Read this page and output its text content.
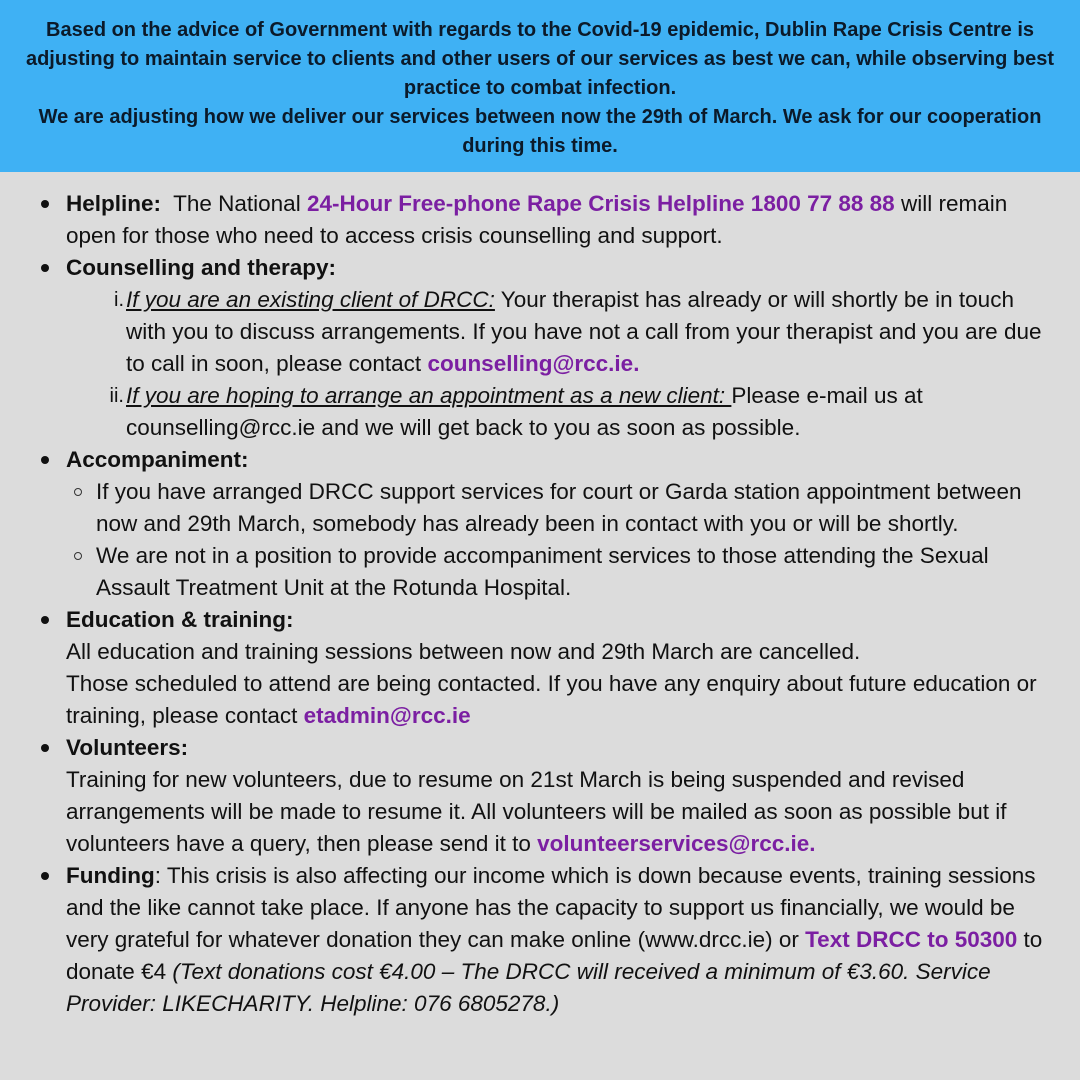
Based on the advice of Government with regards to the Covid-19 epidemic, Dublin Rape Crisis Centre is adjusting to maintain service to clients and other users of our services as best we can, while observing best practice to combat infection.
We are adjusting how we deliver our services between now the 29th of March. We ask for our cooperation during this time.
Helpline: The National 24-Hour Free-phone Rape Crisis Helpline 1800 77 88 88 will remain open for those who need to access crisis counselling and support.
Counselling and therapy:
i. If you are an existing client of DRCC: Your therapist has already or will shortly be in touch with you to discuss arrangements. If you have not a call from your therapist and you are due to call in soon, please contact counselling@rcc.ie.
ii. If you are hoping to arrange an appointment as a new client: Please e-mail us at counselling@rcc.ie and we will get back to you as soon as possible.
Accompaniment:
If you have arranged DRCC support services for court or Garda station appointment between now and 29th March, somebody has already been in contact with you or will be shortly.
We are not in a position to provide accompaniment services to those attending the Sexual Assault Treatment Unit at the Rotunda Hospital.
Education & training:
All education and training sessions between now and 29th March are cancelled.
Those scheduled to attend are being contacted. If you have any enquiry about future education or training, please contact etadmin@rcc.ie
Volunteers:
Training for new volunteers, due to resume on 21st March is being suspended and revised arrangements will be made to resume it. All volunteers will be mailed as soon as possible but if volunteers have a query, then please send it to volunteerservices@rcc.ie.
Funding: This crisis is also affecting our income which is down because events, training sessions and the like cannot take place. If anyone has the capacity to support us financially, we would be very grateful for whatever donation they can make online (www.drcc.ie) or Text DRCC to 50300 to donate €4 (Text donations cost €4.00 – The DRCC will received a minimum of €3.60. Service Provider: LIKECHARITY. Helpline: 076 6805278.)
